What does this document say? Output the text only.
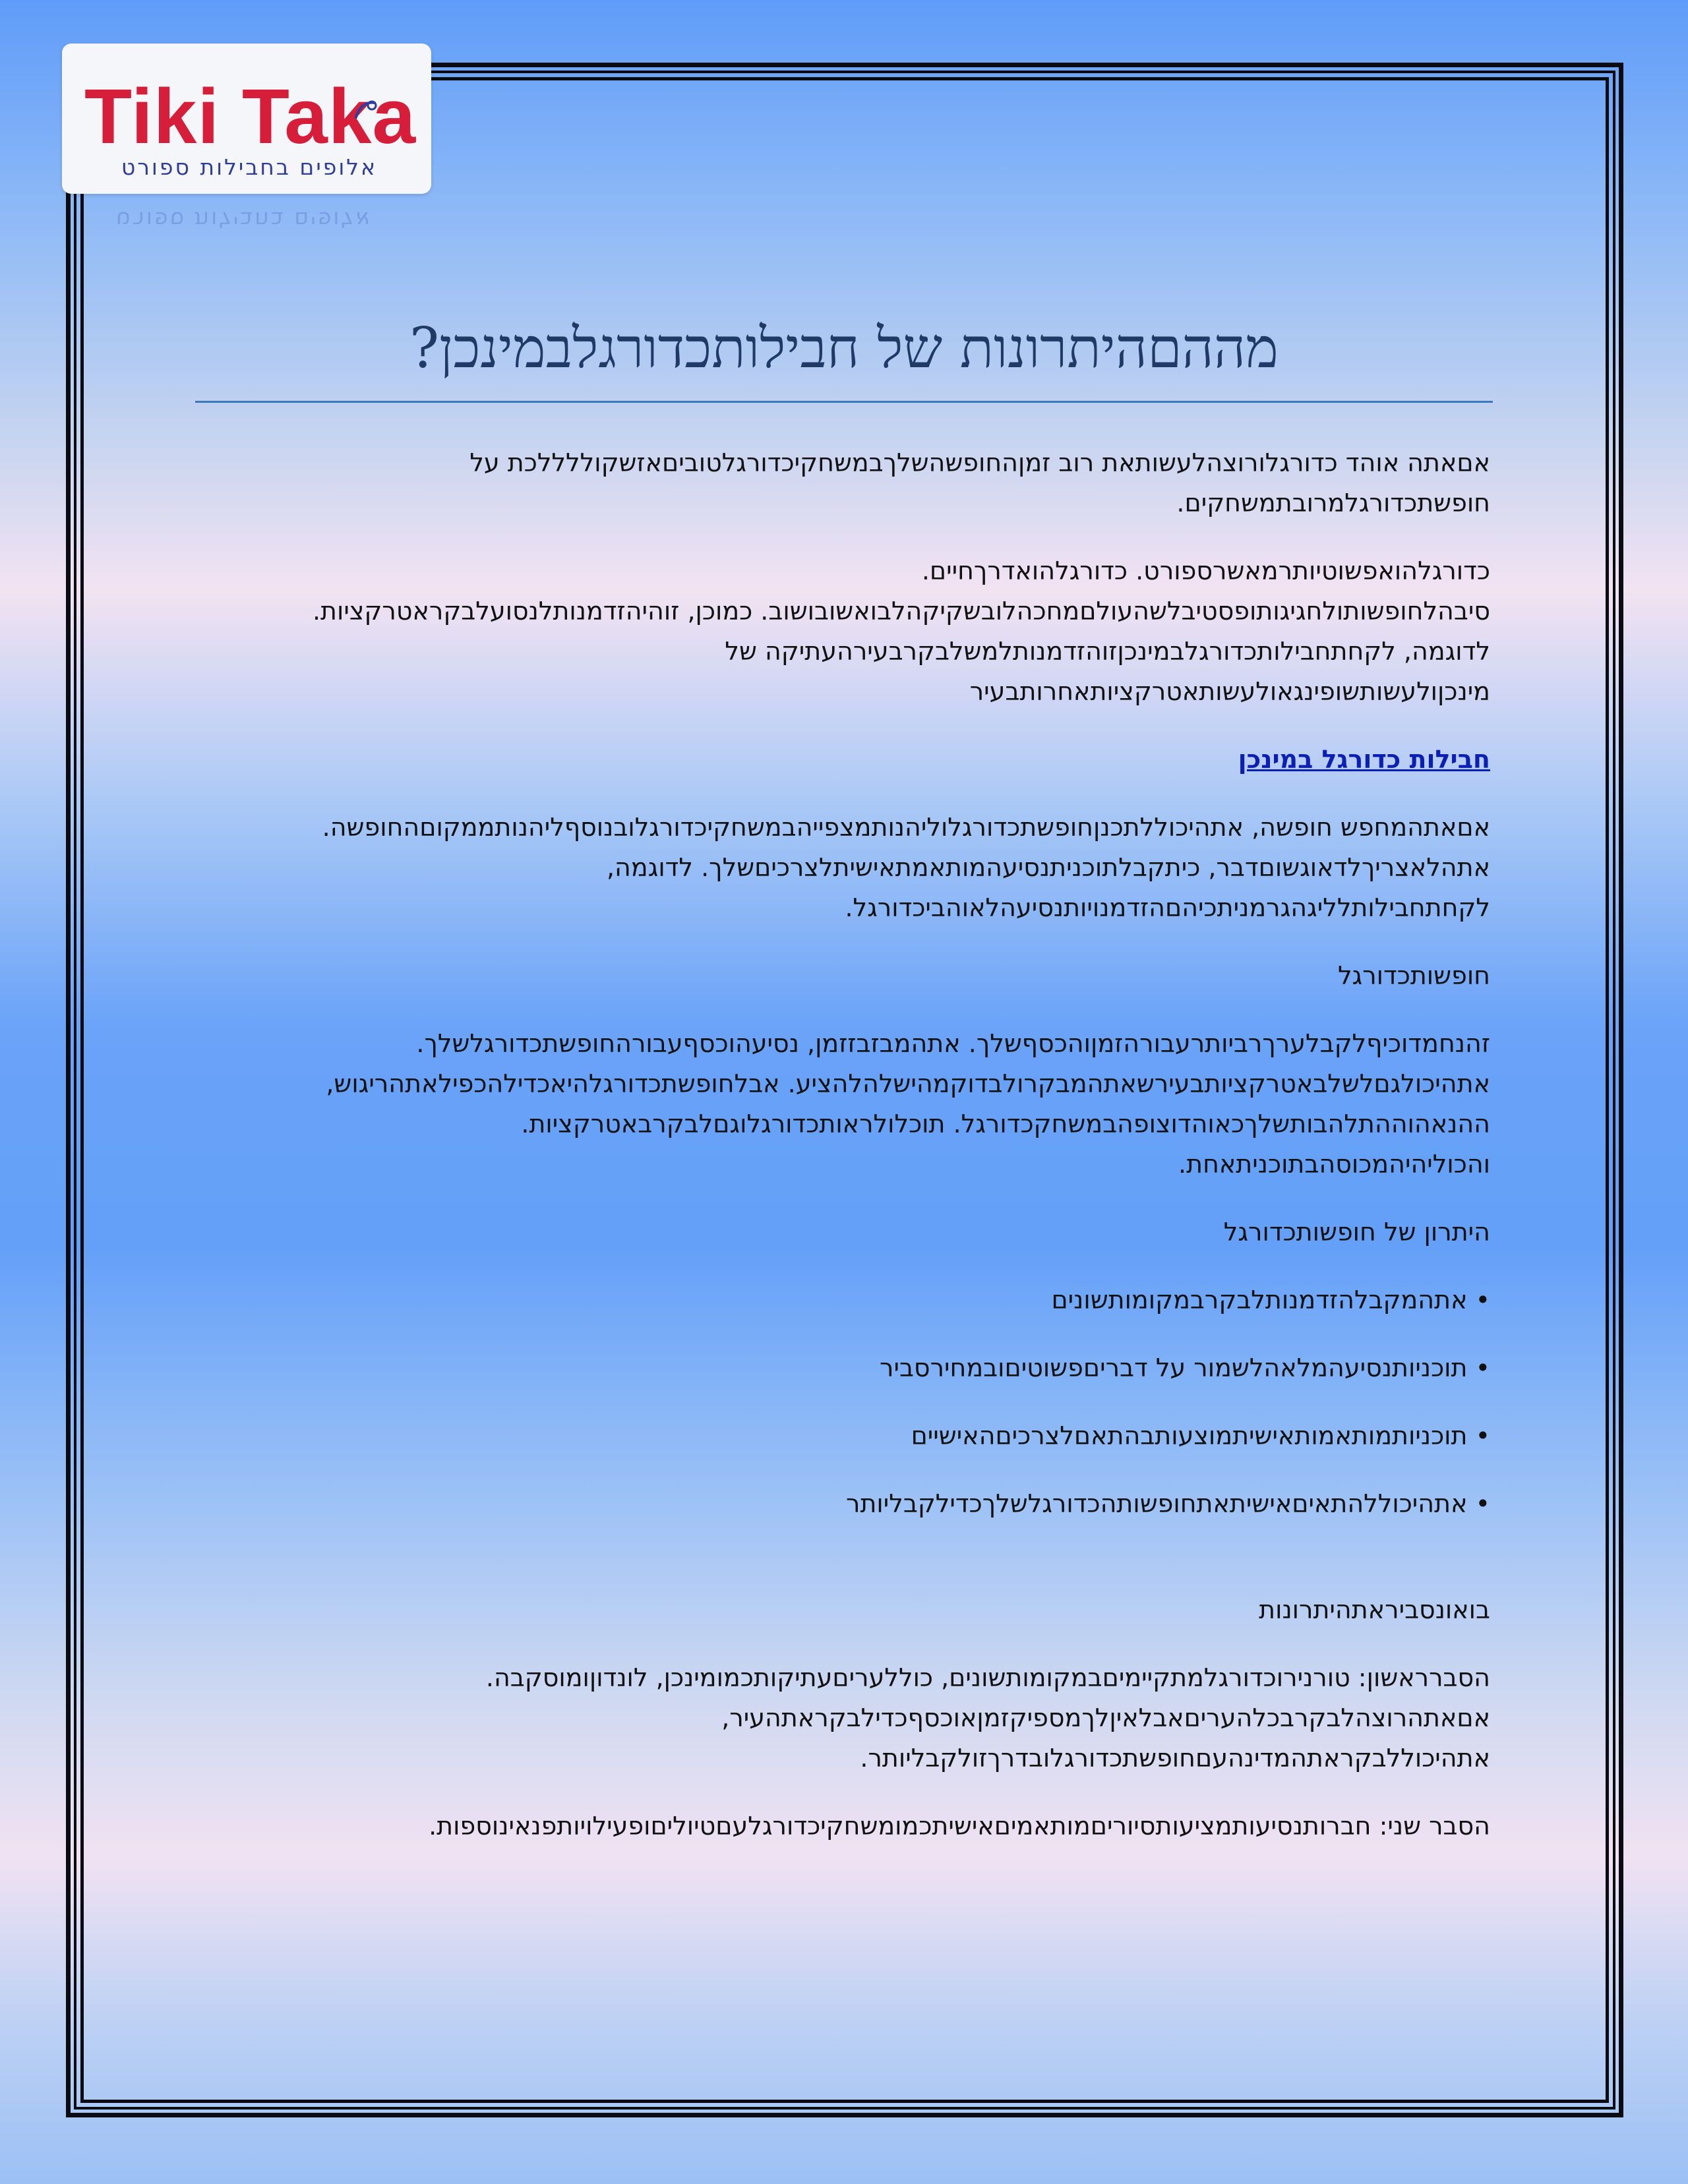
Tiki Taka
אלופים בחבילות ספורט
אלופים בחבילות ספורט
מההםהיתרונות של חבילותכדורגלבמינכן?

אםאתה אוהד כדורגלורוצהלעשותאת רוב זמןהחופשהשלךבמשחקיכדורגלטוביםאזשקוללללכת על
חופשתכדורגלמרובתמשחקים.

כדורגלהואפשוטיותרמאשרספורט. כדורגלהואדרךחיים.
סיבהלחופשותולחגיגותופסטיבלשהעולםמחכהלובשקיקהלבואשובושוב. כמוכן, זוהיהזדמנותלנסועלבקראטרקציות.
לדוגמה, לקחתחבילותכדורגלבמינכןזוהזדמנותלמשלבקרבעירהעתיקה של
מינכןולעשותשופינגאולעשותאטרקציותאחרותבעיר

חבילות כדורגל במינכן

אםאתהמחפש חופשה, אתהיכוללתכנןחופשתכדורגלוליהנותמצפייהבמשחקיכדורגלובנוסףליהנותממקוםהחופשה.
אתהלאצריךלדאוגשוםדבר, כיתקבלתוכניתנסיעהמותאמתאישיתלצרכיםשלך. לדוגמה,
לקחתחבילותלליגהגרמניתכיהםהזדמנויותנסיעהלאוהביכדורגל.

חופשותכדורגל

זהנחמדוכיףלקבלערךרביותרעבורהזמןוהכסףשלך. אתהמבזבזזמן, נסיעהוכסףעבורהחופשתכדורגלשלך.
אתהיכולגםלשלבאטרקציותבעירשאתהמבקרולבדוקמהישלהלהציע. אבלחופשתכדורגלהיאכדילהכפילאתהריגוש,
ההנאהוההתלהבותשלךכאוהדוצופהבמשחקכדורגל. תוכלולראותכדורגלוגםלבקרבאטרקציות.
והכוליהיהמכוסהבתוכניתאחת.

היתרון של חופשותכדורגל

• אתהמקבלהזדמנותלבקרבמקומותשונים
• תוכניותנסיעהמלאהלשמור על דבריםפשוטיםובמחירסביר
• תוכניותמותאמותאישיתמוצעותבהתאםלצרכיםהאישיים
• אתהיכוללהתאיםאישיתאתחופשותהכדורגלשלךכדילקבליותר

בואונסביראתהיתרונות

הסברראשון: טורנירוכדורגלמתקיימיםבמקומותשונים, כוללעריםעתיקותכמומינכן, לונדוןומוסקבה.
אםאתהרוצהלבקרבכלהעריםאבלאיןלךמספיקזמןאוכסףכדילבקראתהעיר,
אתהיכוללבקראתהמדינהעםחופשתכדורגלובדרךזולקבליותר.

הסבר שני: חברותנסיעותמציעותסיוריםמותאמיםאישיתכמומשחקיכדורגלעםטיוליםופעילויותפנאינוספות.
